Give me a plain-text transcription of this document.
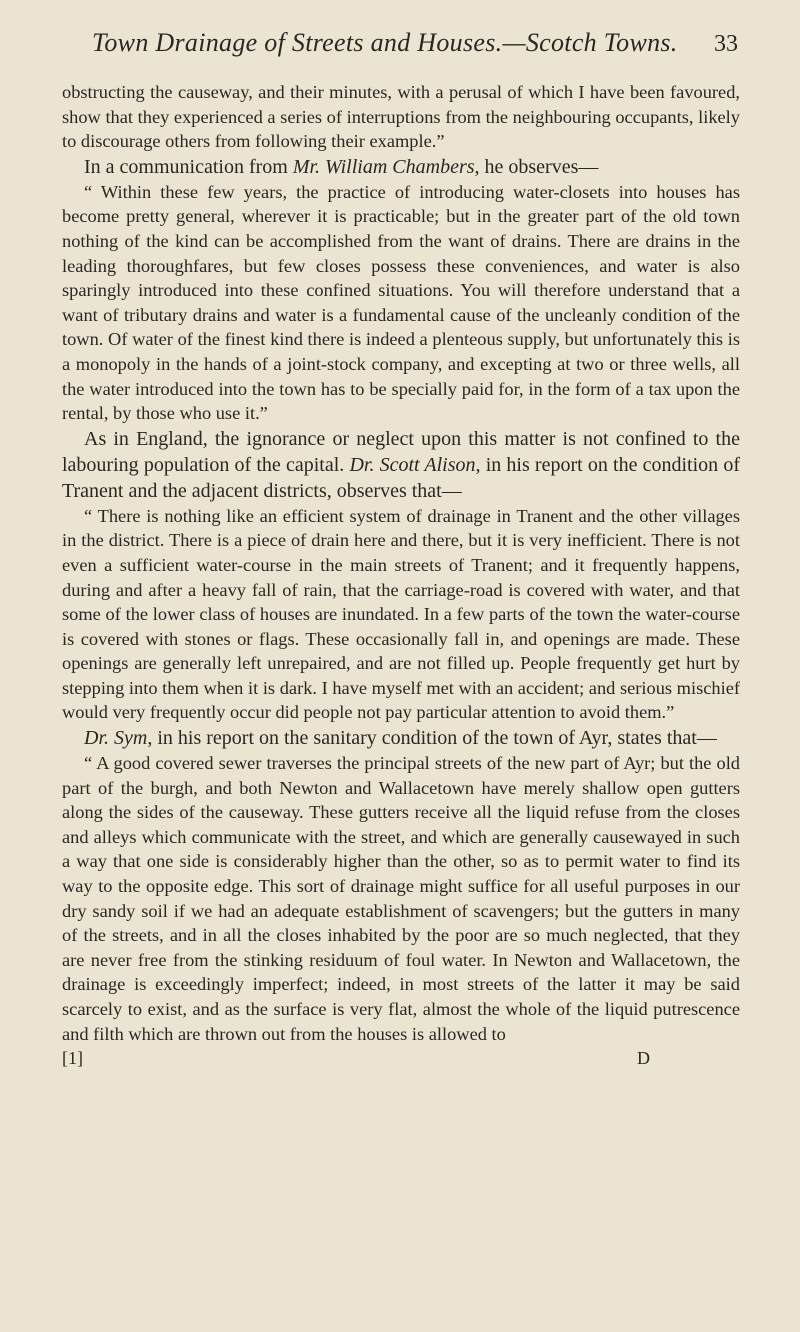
Town Drainage of Streets and Houses.—Scotch Towns. 33

obstructing the causeway, and their minutes, with a perusal of which I have been favoured, show that they experienced a series of interruptions from the neighbouring occupants, likely to discourage others from following their example.”

In a communication from Mr. William Chambers, he observes—

“ Within these few years, the practice of introducing water-closets into houses has become pretty general, wherever it is practicable; but in the greater part of the old town nothing of the kind can be accomplished from the want of drains. There are drains in the leading thoroughfares, but few closes possess these conveniences, and water is also sparingly introduced into these confined situations. You will therefore understand that a want of tributary drains and water is a fundamental cause of the uncleanly condition of the town. Of water of the finest kind there is indeed a plenteous supply, but unfortunately this is a monopoly in the hands of a joint-stock company, and excepting at two or three wells, all the water introduced into the town has to be specially paid for, in the form of a tax upon the rental, by those who use it.”

As in England, the ignorance or neglect upon this matter is not confined to the labouring population of the capital. Dr. Scott Alison, in his report on the condition of Tranent and the adjacent districts, observes that—

“ There is nothing like an efficient system of drainage in Tranent and the other villages in the district. There is a piece of drain here and there, but it is very inefficient. There is not even a sufficient water-course in the main streets of Tranent; and it frequently happens, during and after a heavy fall of rain, that the carriage-road is covered with water, and that some of the lower class of houses are inundated. In a few parts of the town the water-course is covered with stones or flags. These occasionally fall in, and openings are made. These openings are generally left unrepaired, and are not filled up. People frequently get hurt by stepping into them when it is dark. I have myself met with an accident; and serious mischief would very frequently occur did people not pay particular attention to avoid them.”

Dr. Sym, in his report on the sanitary condition of the town of Ayr, states that—

“ A good covered sewer traverses the principal streets of the new part of Ayr; but the old part of the burgh, and both Newton and Wallacetown have merely shallow open gutters along the sides of the causeway. These gutters receive all the liquid refuse from the closes and alleys which communicate with the street, and which are generally causewayed in such a way that one side is considerably higher than the other, so as to permit water to find its way to the opposite edge. This sort of drainage might suffice for all useful purposes in our dry sandy soil if we had an adequate establishment of scavengers; but the gutters in many of the streets, and in all the closes inhabited by the poor are so much neglected, that they are never free from the stinking residuum of foul water. In Newton and Wallacetown, the drainage is exceedingly imperfect; indeed, in most streets of the latter it may be said scarcely to exist, and as the surface is very flat, almost the whole of the liquid putrescence and filth which are thrown out from the houses is allowed to

[1]	D
